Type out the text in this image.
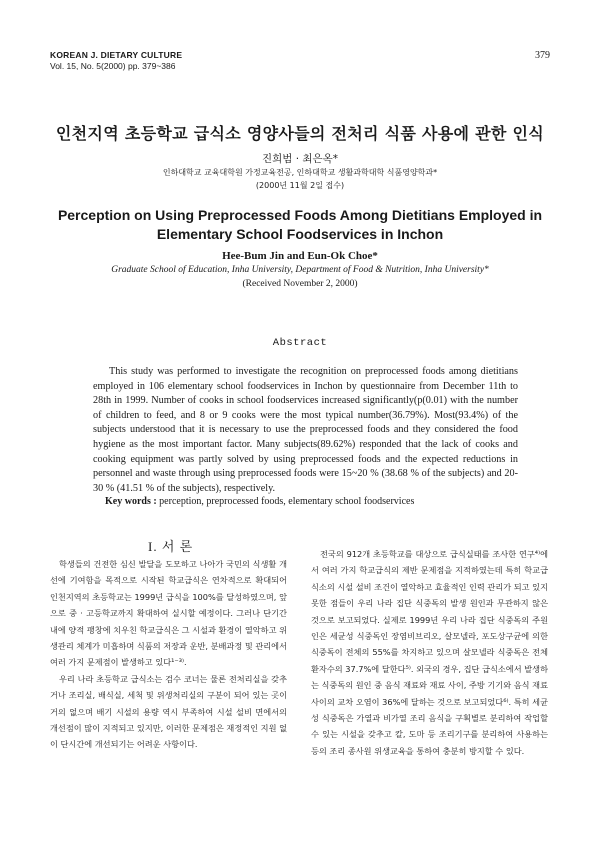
KOREAN J. DIETARY CULTURE
Vol. 15, No. 5(2000) pp. 379~386
379
인천지역 초등학교 급식소 영양사들의 전처리 식품 사용에 관한 인식
진희범 · 최은옥*
인하대학교 교육대학원 가정교육전공, 인하대학교 생활과학대학 식품영양학과*
(2000년 11월 2일 접수)
Perception on Using Preprocessed Foods Among Dietitians Employed in
Elementary School Foodservices in Inchon
Hee-Bum Jin and Eun-Ok Choe*
Graduate School of Education, Inha University, Department of Food & Nutrition, Inha University*
(Received November 2, 2000)
Abstract
This study was performed to investigate the recognition on preprocessed foods among dietitians employed in 106 elementary school foodservices in Inchon by questionnaire from December 11th to 28th in 1999. Number of cooks in school foodservices increased significantly(p(0.01) with the number of children to feed, and 8 or 9 cooks were the most typical number(36.79%). Most(93.4%) of the subjects understood that it is necessary to use the preprocessed foods and they considered the food hygiene as the most important factor. Many subjects(89.62%) responded that the lack of cooks and cooking equipment was partly solved by using preprocessed foods and the expected reductions in personnel and waste through using preprocessed foods were 15~20 % (38.68 % of the subjects) and 20-30 % (41.51 % of the subjects), respectively.
Key words : perception, preprocessed foods, elementary school foodservices
I. 서 론

학생들의 건전한 심신 발달을 도모하고 나아가 국민의 식생활 개선에 기여함을 목적으로 시작된 학교급식은 연차적으로 확대되어 인천지역의 초등학교는 1999년 급식을 100%를 달성하였으며, 앞으로 중 · 고등학교까지 확대하여 실시할 예정이다. 그러나 단기간 내에 양적 팽창에 치우친 학교급식은 그 시설과 환경이 열악하고 위생관리 체계가 미흡하며 식품의 저장과 운반, 분배과정 및 관리에서 여러 가지 문제점이 발생하고 있다¹⁻³⁾.

우리 나라 초등학교 급식소는 검수 코너는 물론 전처리실을 갖추거나 조리실, 배식실, 세척 및 위생처리실의 구분이 되어 있는 곳이 거의 없으며 배기 시설의 용량 역시 부족하여 시설 설비 면에서의 개선점이 많이 지적되고 있지만, 이러한 문제점은 재정적인 지원 없이 단시간에 개선되기는 어려운 사항이다.

전국의 912개 초등학교를 대상으로 급식실태를 조사한 연구⁴⁾에서 여러 가지 학교급식의 제반 문제점을 지적하였는데 특히 학교급식소의 시설 설비 조건이 열악하고 효율적인 인력 관리가 되고 있지 못한 점들이 우리 나라 집단 식중독의 발생 원인과 무관하지 않은 것으로 보고되었다. 실제로 1999년 우리 나라 집단 식중독의 주원인은 세균성 식중독인 장염비브리오, 살모넬라, 포도상구균에 의한 식중독이 전체의 55%를 차지하고 있으며 살모넬라 식중독은 전체 환자수의 37.7%에 달한다⁵⁾. 외국의 경우, 집단 급식소에서 발생하는 식중독의 원인 중 음식 재료와 재료 사이, 주방 기기와 음식 재료 사이의 교차 오염이 36%에 달하는 것으로 보고되었다⁶⁾. 특히 세균성 식중독은 가열과 비가열 조리 음식을 구획별로 분리하여 작업할 수 있는 시설을 갖추고 칼, 도마 등 조리기구를 분리하여 사용하는 등의 조리 종사원 위생교육을 통하여 충분히 방지할 수 있다.
